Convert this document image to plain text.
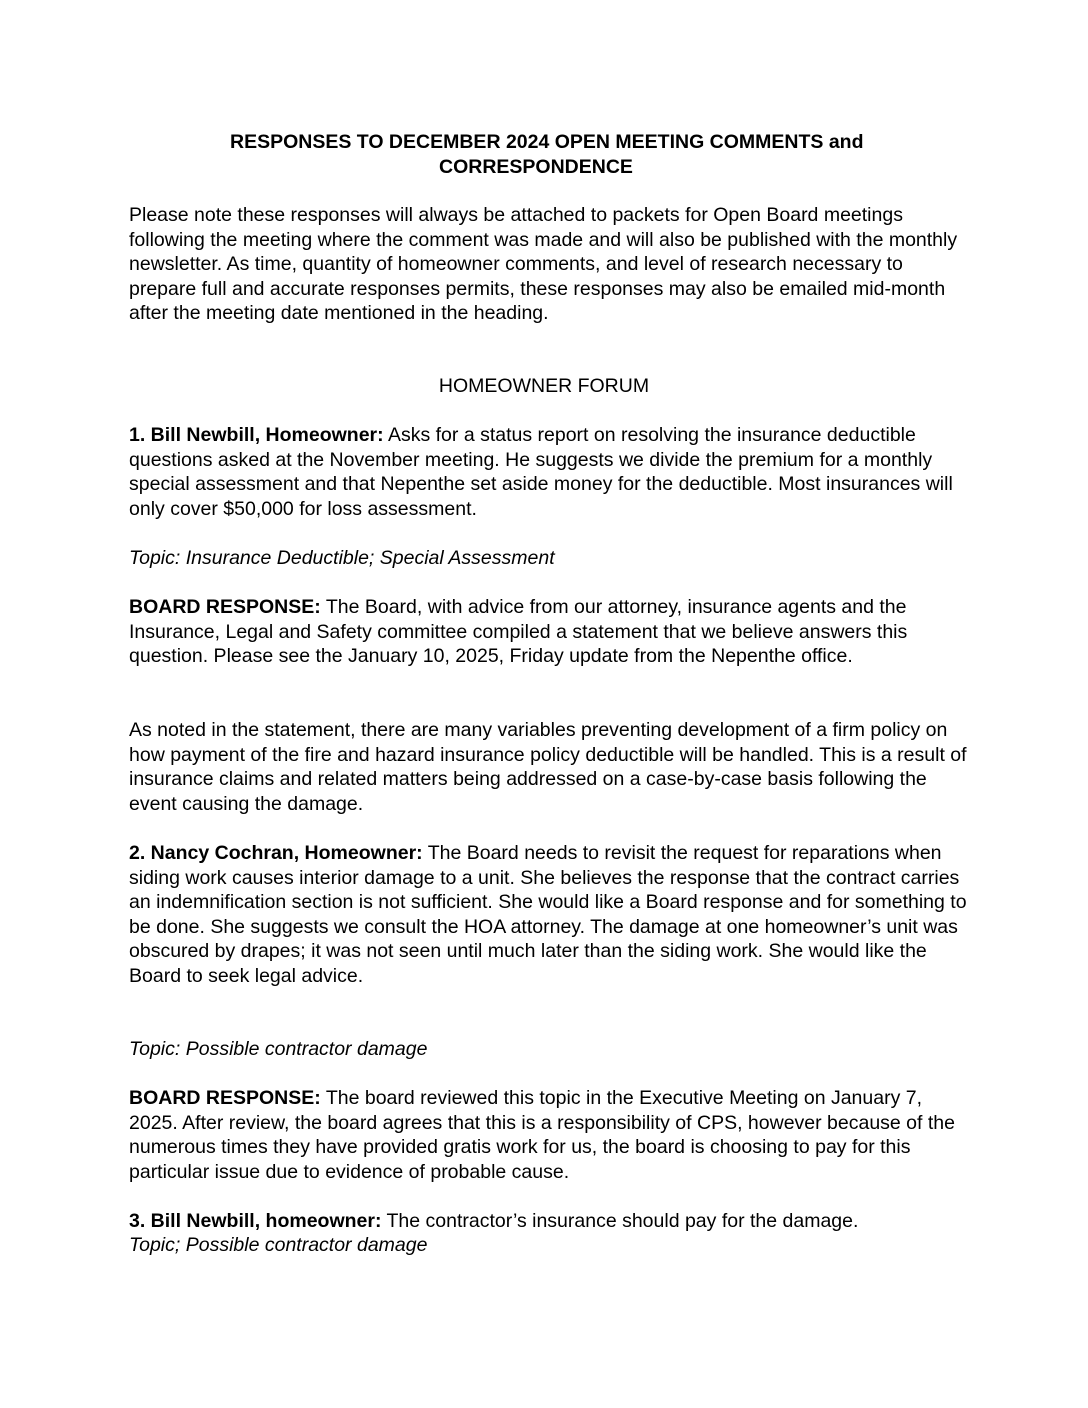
RESPONSES TO DECEMBER 2024 OPEN MEETING COMMENTS and
CORRESPONDENCE

Please note these responses will always be attached to packets for Open Board meetings following the meeting where the comment was made and will also be published with the monthly newsletter. As time, quantity of homeowner comments, and level of research necessary to prepare full and accurate responses permits, these responses may also be emailed mid-month after the meeting date mentioned in the heading.

HOMEOWNER FORUM

1. Bill Newbill, Homeowner: Asks for a status report on resolving the insurance deductible questions asked at the November meeting. He suggests we divide the premium for a monthly special assessment and that Nepenthe set aside money for the deductible. Most insurances will only cover $50,000 for loss assessment.

Topic: Insurance Deductible; Special Assessment

BOARD RESPONSE: The Board, with advice from our attorney, insurance agents and the Insurance, Legal and Safety committee compiled a statement that we believe answers this question. Please see the January 10, 2025, Friday update from the Nepenthe office.

As noted in the statement, there are many variables preventing development of a firm policy on how payment of the fire and hazard insurance policy deductible will be handled. This is a result of insurance claims and related matters being addressed on a case-by-case basis following the event causing the damage.

2. Nancy Cochran, Homeowner: The Board needs to revisit the request for reparations when siding work causes interior damage to a unit. She believes the response that the contract carries an indemnification section is not sufficient. She would like a Board response and for something to be done. She suggests we consult the HOA attorney. The damage at one homeowner’s unit was obscured by drapes; it was not seen until much later than the siding work. She would like the Board to seek legal advice.

Topic: Possible contractor damage

BOARD RESPONSE: The board reviewed this topic in the Executive Meeting on January 7, 2025. After review, the board agrees that this is a responsibility of CPS, however because of the numerous times they have provided gratis work for us, the board is choosing to pay for this particular issue due to evidence of probable cause.

3. Bill Newbill, homeowner: The contractor’s insurance should pay for the damage.

Topic; Possible contractor damage
